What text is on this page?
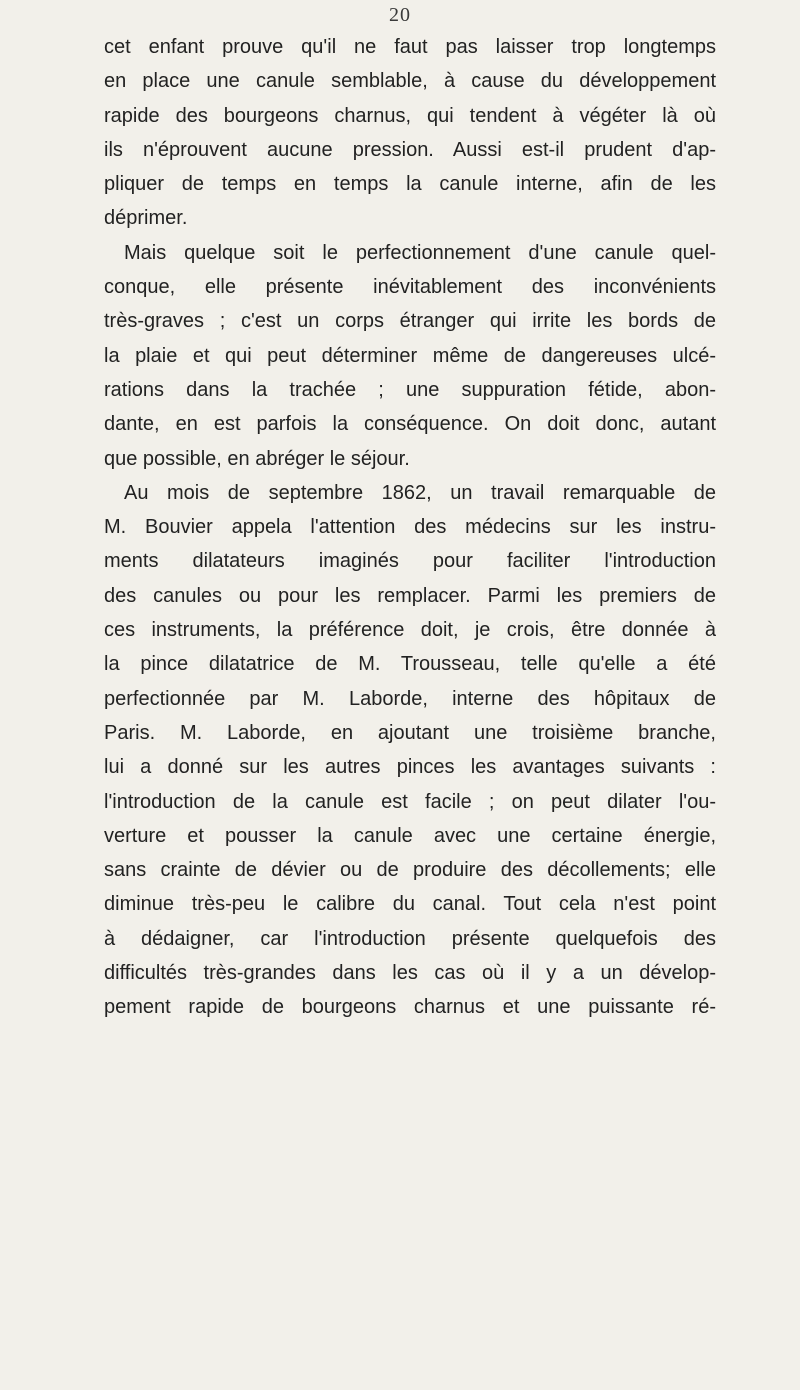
20
cet enfant prouve qu'il ne faut pas laisser trop longtemps
en place une canule semblable, à cause du développement
rapide des bourgeons charnus, qui tendent à végéter là où
ils n'éprouvent aucune pression. Aussi est-il prudent d'ap-
pliquer de temps en temps la canule interne, afin de les
déprimer.
Mais quelque soit le perfectionnement d'une canule quel-
conque, elle présente inévitablement des inconvénients
très-graves ; c'est un corps étranger qui irrite les bords de
la plaie et qui peut déterminer même de dangereuses ulcé-
rations dans la trachée ; une suppuration fétide, abon-
dante, en est parfois la conséquence. On doit donc, autant
que possible, en abréger le séjour.
Au mois de septembre 1862, un travail remarquable de
M. Bouvier appela l'attention des médecins sur les instru-
ments dilatateurs imaginés pour faciliter l'introduction
des canules ou pour les remplacer. Parmi les premiers de
ces instruments, la préférence doit, je crois, être donnée à
la pince dilatatrice de M. Trousseau, telle qu'elle a été
perfectionnée par M. Laborde, interne des hôpitaux de
Paris. M. Laborde, en ajoutant une troisième branche,
lui a donné sur les autres pinces les avantages suivants :
l'introduction de la canule est facile ; on peut dilater l'ou-
verture et pousser la canule avec une certaine énergie,
sans crainte de dévier ou de produire des décollements; elle
diminue très-peu le calibre du canal. Tout cela n'est point
à dédaigner, car l'introduction présente quelquefois des
difficultés très-grandes dans les cas où il y a un dévelop-
pement rapide de bourgeons charnus et une puissante ré-
